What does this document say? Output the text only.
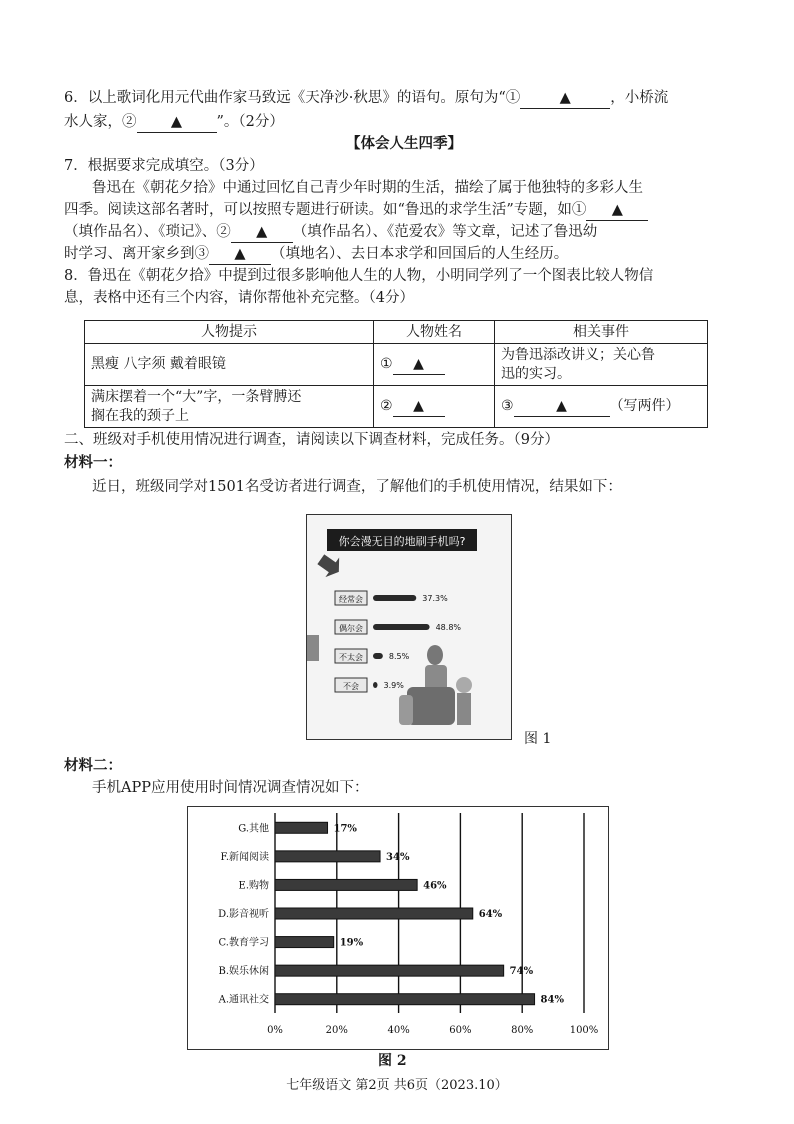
6．以上歌词化用元代曲作家马致远《天净沙·秋思》的语句。原句为“①	▲	，小桥流
水人家，② ▲ ”。（2分）
【体会人生四季】
7．根据要求完成填空。（3分）
鲁迅在《朝花夕拾》中通过回忆自己青少年时期的生活，描绘了属于他独特的多彩人生
四季。阅读这部名著时，可以按照专题进行研读。如“鲁迅的求学生活”专题，如① ▲
（填作品名）、《琐记》、② ▲ （填作品名）、《范爱农》等文章，记述了鲁迅幼
时学习、离开家乡到③ ▲ （填地名）、去日本求学和回国后的人生经历。
8．鲁迅在《朝花夕拾》中提到过很多影响他人生的人物，小明同学列了一个图表比较人物信
息，表格中还有三个内容，请你帮他补充完整。（4分）
人物提示	人物姓名	相关事件
黑瘦 八字须 戴着眼镜	① ▲	为鲁迅添改讲义；关心鲁
迅的实习。

满床摆着一个“大”字，一条臂膊还
搁在我的颈子上	② ▲	③ ▲ （写两件）
二、班级对手机使用情况进行调查，请阅读以下调查材料，完成任务。（9分）
材料一：
近日，班级同学对1501名受访者进行调查，了解他们的手机使用情况，结果如下：
你会漫无目的地刷手机吗?
经常会	37.3%
偶尔会	48.8%
不太会	8.5%
不会	3.9%
图 1
材料二：
手机APP应用使用时间情况调查情况如下：
0%	20%	40%	60%	80%	100%
G.其他	17%
F.新闻阅读	34%
E.购物	46%
D.影音视听	64%
C.教育学习	19%
B.娱乐休闲	74%
A.通讯社交	84%
图 2
七年级语文 第2页 共6页（2023.10）
